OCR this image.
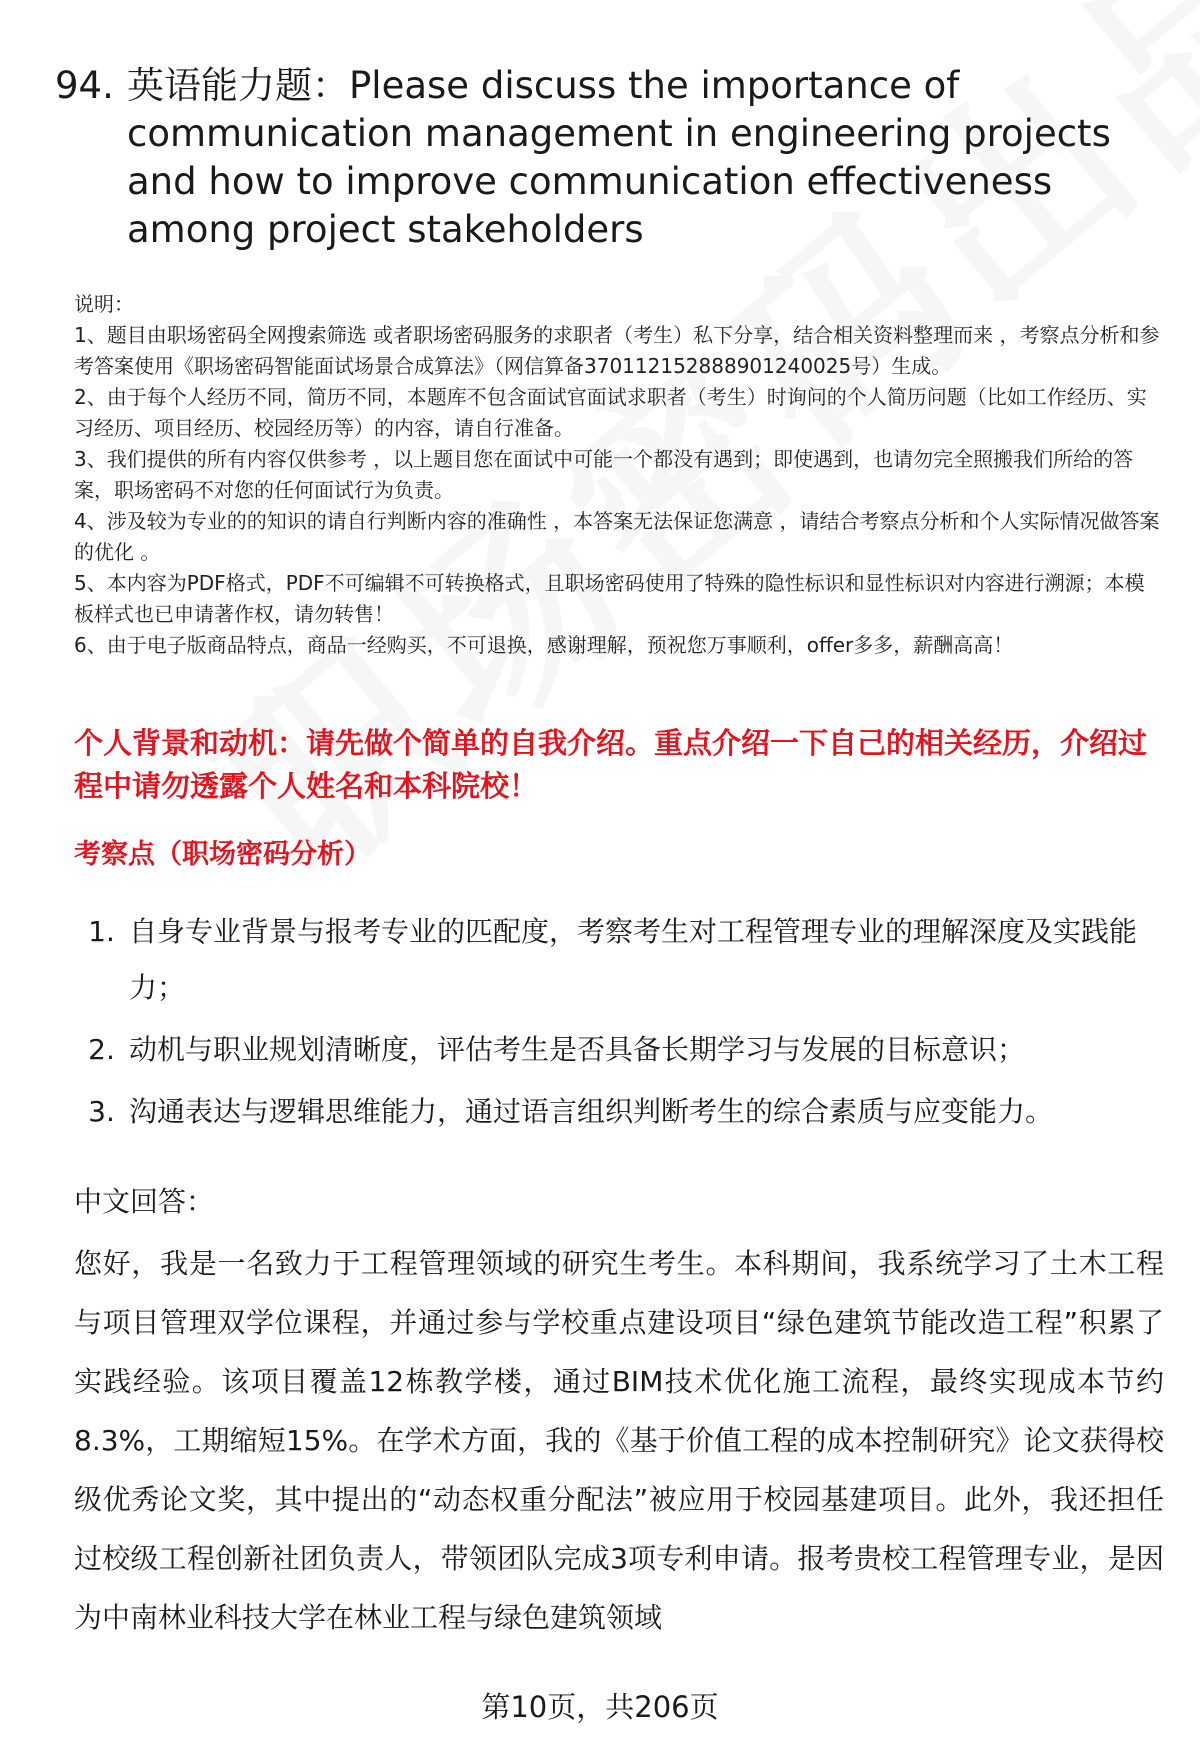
94. 英语能力题：Please discuss the importance of communication management in engineering projects and how to improve communication effectiveness among project stakeholders

说明：

1、题目由职场密码全网搜索筛选 或者职场密码服务的求职者（考生）私下分享，结合相关资料整理而来 ，考察点分析和参考答案使用《职场密码智能面试场景合成算法》（网信算备370112152888901240025号）生成。

2、由于每个人经历不同，简历不同，本题库不包含面试官面试求职者（考生）时询问的个人简历问题（比如工作经历、实习经历、项目经历、校园经历等）的内容，请自行准备。

3、我们提供的所有内容仅供参考 ，以上题目您在面试中可能一个都没有遇到；即使遇到，也请勿完全照搬我们所给的答案，职场密码不对您的任何面试行为负责。

4、涉及较为专业的的知识的请自行判断内容的准确性 ，本答案无法保证您满意 ，请结合考察点分析和个人实际情况做答案的优化 。

5、本内容为PDF格式，PDF不可编辑不可转换格式，且职场密码使用了特殊的隐性标识和显性标识对内容进行溯源；本模板样式也已申请著作权，请勿转售！

6、由于电子版商品特点，商品一经购买，不可退换，感谢理解，预祝您万事顺利，offer多多，薪酬高高！

个人背景和动机：请先做个简单的自我介绍。重点介绍一下自己的相关经历，介绍过程中请勿透露个人姓名和本科院校！
考察点（职场密码分析）
1. 自身专业背景与报考专业的匹配度，考察考生对工程管理专业的理解深度及实践能力；
2. 动机与职业规划清晰度，评估考生是否具备长期学习与发展的目标意识；
3. 沟通表达与逻辑思维能力，通过语言组织判断考生的综合素质与应变能力。
中文回答：
您好，我是一名致力于工程管理领域的研究生考生。本科期间，我系统学习了土木工程与项目管理双学位课程，并通过参与学校重点建设项目“绿色建筑节能改造工程”积累了实践经验。该项目覆盖12栋教学楼，通过BIM技术优化施工流程，最终实现成本节约8.3%，工期缩短15%。在学术方面，我的《基于价值工程的成本控制研究》论文获得校级优秀论文奖，其中提出的“动态权重分配法”被应用于校园基建项目。此外，我还担任过校级工程创新社团负责人，带领团队完成3项专利申请。报考贵校工程管理专业，是因为中南林业科技大学在林业工程与绿色建筑领域
第10页，共206页
